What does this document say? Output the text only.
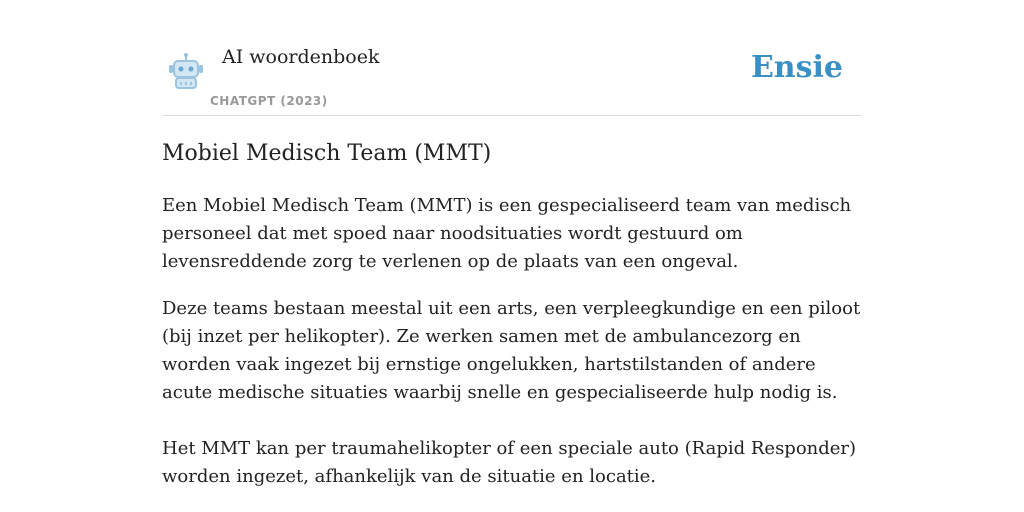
AI woordenboek
CHATGPT (2023)
Ensie
Mobiel Medisch Team (MMT)

Een Mobiel Medisch Team (MMT) is een gespecialiseerd team van medisch personeel dat met spoed naar noodsituaties wordt gestuurd om levensreddende zorg te verlenen op de plaats van een ongeval.

Deze teams bestaan meestal uit een arts, een verpleegkundige en een piloot (bij inzet per helikopter). Ze werken samen met de ambulancezorg en worden vaak ingezet bij ernstige ongelukken, hartstilstanden of andere acute medische situaties waarbij snelle en gespecialiseerde hulp nodig is.

Het MMT kan per traumahelikopter of een speciale auto (Rapid Responder) worden ingezet, afhankelijk van de situatie en locatie.
